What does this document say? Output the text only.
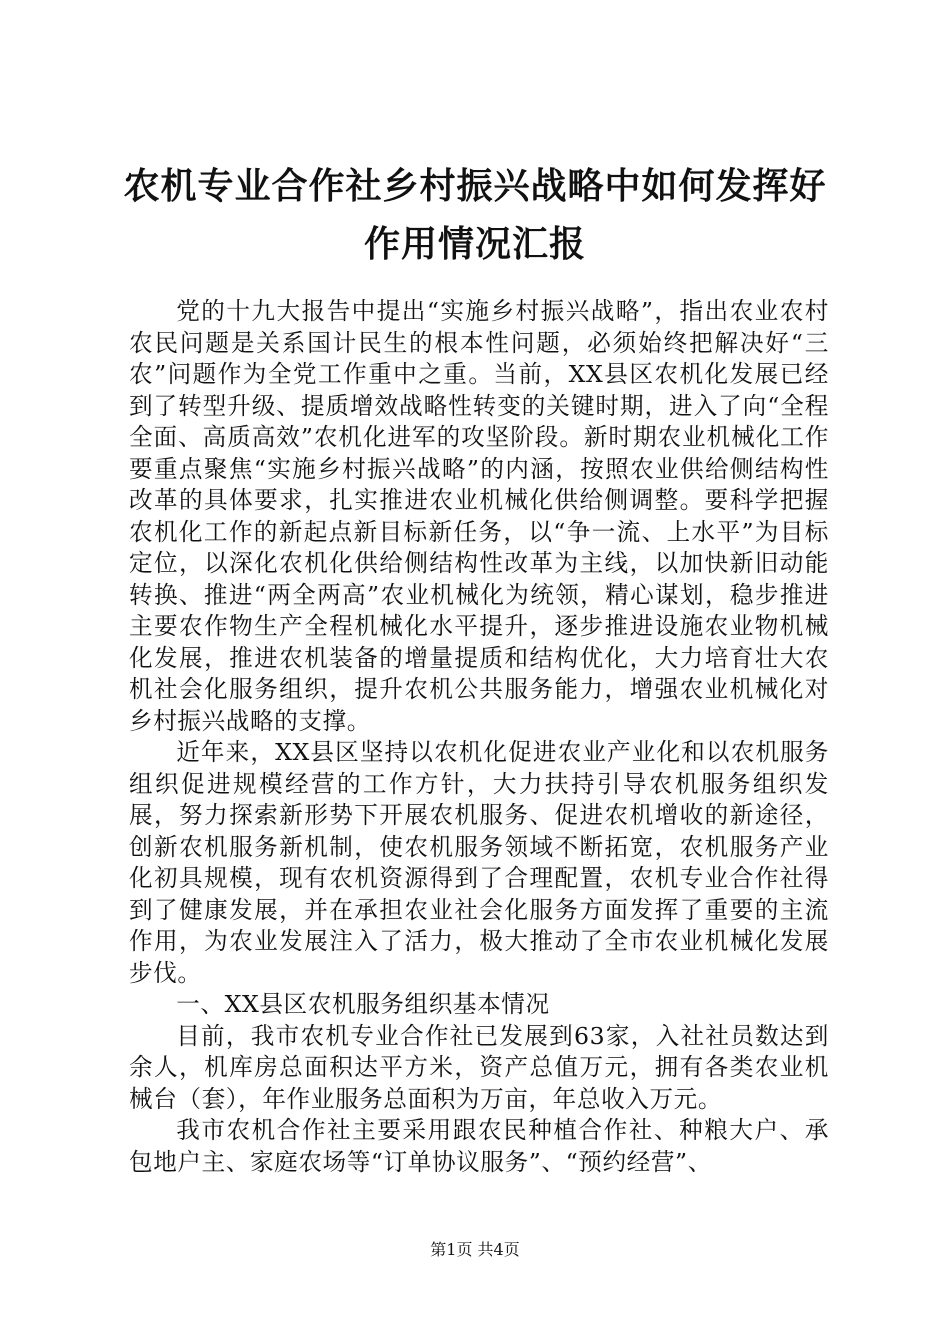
农机专业合作社乡村振兴战略中如何发挥好作用情况汇报

党的十九大报告中提出“实施乡村振兴战略”，指出农业农村农民问题是关系国计民生的根本性问题，必须始终把解决好“三农”问题作为全党工作重中之重。当前，XX县区农机化发展已经到了转型升级、提质增效战略性转变的关键时期，进入了向“全程全面、高质高效”农机化进军的攻坚阶段。新时期农业机械化工作要重点聚焦“实施乡村振兴战略”的内涵，按照农业供给侧结构性改革的具体要求，扎实推进农业机械化供给侧调整。要科学把握农机化工作的新起点新目标新任务，以“争一流、上水平”为目标定位，以深化农机化供给侧结构性改革为主线，以加快新旧动能转换、推进“两全两高”农业机械化为统领，精心谋划，稳步推进主要农作物生产全程机械化水平提升，逐步推进设施农业物机械化发展，推进农机装备的增量提质和结构优化，大力培育壮大农机社会化服务组织，提升农机公共服务能力，增强农业机械化对乡村振兴战略的支撑。

近年来，XX县区坚持以农机化促进农业产业化和以农机服务组织促进规模经营的工作方针，大力扶持引导农机服务组织发展，努力探索新形势下开展农机服务、促进农机增收的新途径，创新农机服务新机制，使农机服务领域不断拓宽，农机服务产业化初具规模，现有农机资源得到了合理配置，农机专业合作社得到了健康发展，并在承担农业社会化服务方面发挥了重要的主流作用，为农业发展注入了活力，极大推动了全市农业机械化发展步伐。

一、XX县区农机服务组织基本情况

目前，我市农机专业合作社已发展到63家，入社社员数达到余人，机库房总面积达平方米，资产总值万元，拥有各类农业机械台（套），年作业服务总面积为万亩，年总收入万元。

我市农机合作社主要采用跟农民种植合作社、种粮大户、承包地户主、家庭农场等“订单协议服务”、“预约经营”、

第1页 共4页
